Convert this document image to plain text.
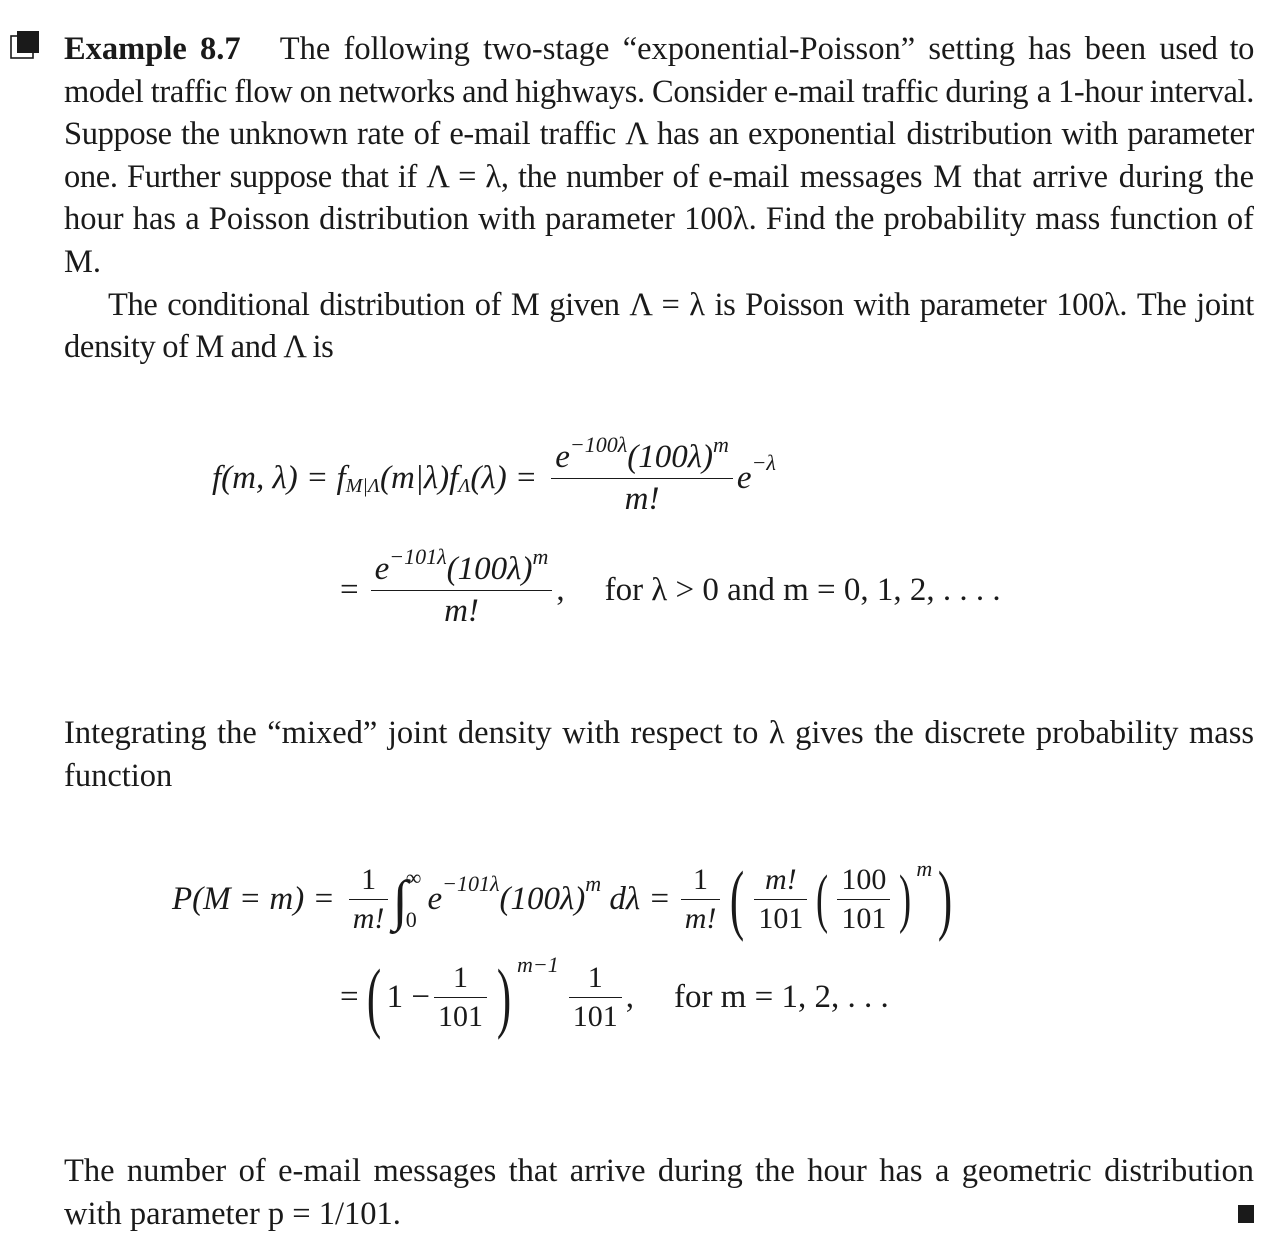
Example 8.7 The following two-stage “exponential-Poisson” setting has been used to model traffic flow on networks and highways. Consider e-mail traffic during a 1-hour interval. Suppose the unknown rate of e-mail traffic Λ has an exponential distribution with parameter one. Further suppose that if Λ = λ, the number of e-mail messages M that arrive during the hour has a Poisson distribution with parameter 100λ. Find the probability mass function of M.

The conditional distribution of M given Λ = λ is Poisson with parameter 100λ. The joint density of M and Λ is

f(m, λ) = f M|Λ (m|λ)f Λ $(\lambda) = \frac{e^{-100\lambda}(100\lambda)^m}{m!}$ e −λ
= $\frac{e^{-101\lambda}(100\lambda)^m}{m!}$ , for λ > 0 and m = 0, 1, 2, . . . .

Integrating the “mixed” joint density with respect to λ gives the discrete probability mass function

$P(M = m) = \frac{1}{m!}$ ∫
∞
0
e −101λ (100λ) m $d\lambda = \frac{1}{m!}$ ( $\frac{m!}{101}$ ( $\frac{100}{101}$ ) m )
= ( $1 - \frac{1}{101}$ ) $m-1 \frac{1}{101}$ , for m = 1, 2, . . .

The number of e-mail messages that arrive during the hour has a geometric distribution with parameter p = 1/101.
